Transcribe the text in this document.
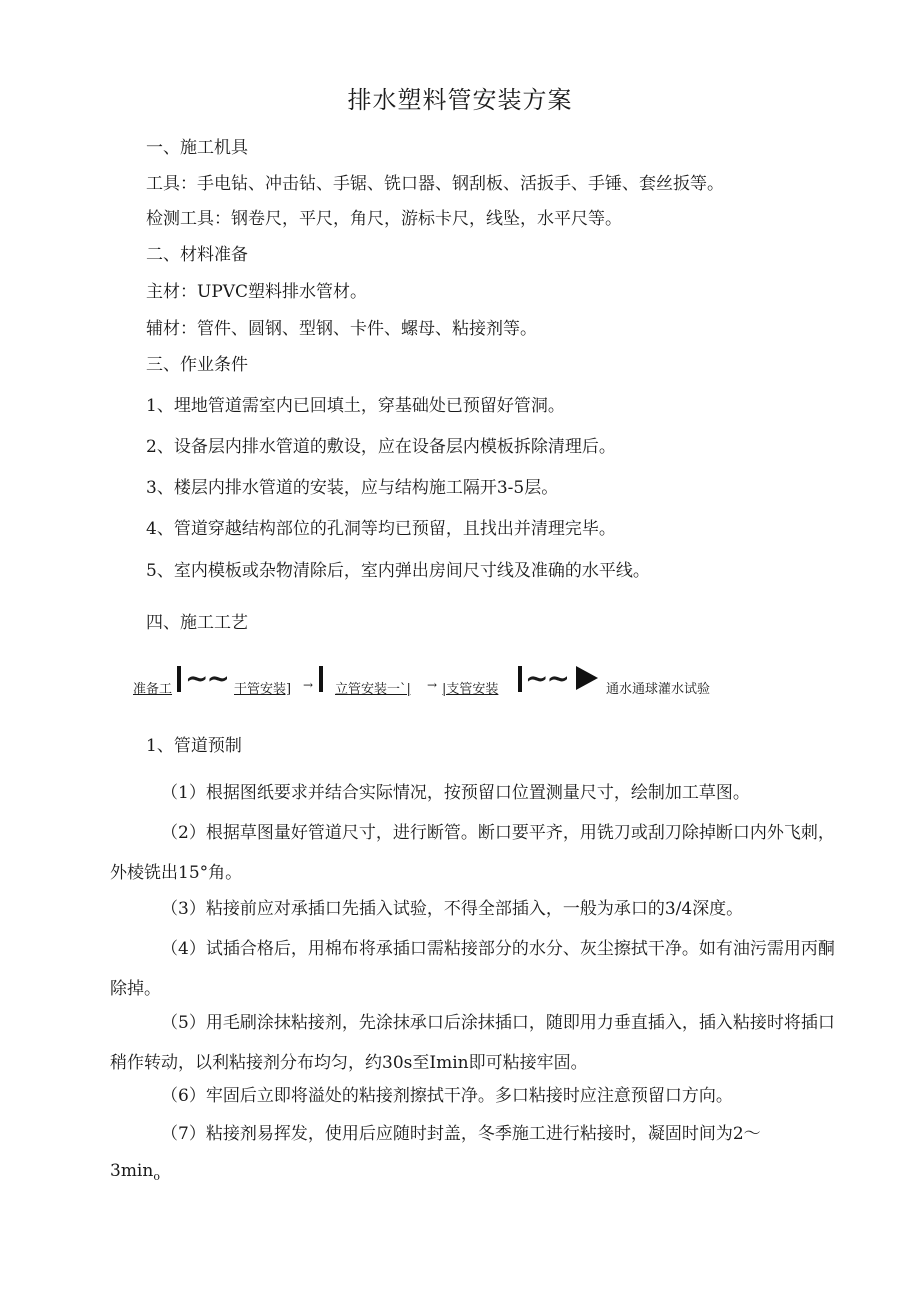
排水塑料管安装方案
一、施工机具
工具：手电钻、冲击钻、手锯、铣口器、钢刮板、活扳手、手锤、套丝扳等。
检测工具：钢卷尺，平尺，角尺，游标卡尺，线坠，水平尺等。
二、材料准备
主材：UPVC塑料排水管材。
辅材：管件、圆钢、型钢、卡件、螺母、粘接剂等。
三、作业条件
1、埋地管道需室内已回填土，穿基础处已预留好管洞。
2、设备层内排水管道的敷设，应在设备层内模板拆除清理后。
3、楼层内排水管道的安装，应与结构施工隔开3-5层。
4、管道穿越结构部位的孔洞等均已预留，且找出并清理完毕。
5、室内模板或杂物清除后，室内弹出房间尺寸线及准确的水平线。
四、施工工艺
准备工 ~~ 干管安装] → 立管安装一`| → |支管安装 ~~	通水通球灌水试验
1、管道预制
（1）根据图纸要求并结合实际情况，按预留口位置测量尺寸，绘制加工草图。
（2）根据草图量好管道尺寸，进行断管。断口要平齐，用铣刀或刮刀除掉断口内外飞刺，外棱铣出15°角。
（3）粘接前应对承插口先插入试验，不得全部插入，一般为承口的3/4深度。
（4）试插合格后，用棉布将承插口需粘接部分的水分、灰尘擦拭干净。如有油污需用丙酮除掉。
（5）用毛刷涂抹粘接剂，先涂抹承口后涂抹插口，随即用力垂直插入，插入粘接时将插口稍作转动，以利粘接剂分布均匀，约30s至Imin即可粘接牢固。
（6）牢固后立即将溢处的粘接剂擦拭干净。多口粘接时应注意预留口方向。
（7）粘接剂易挥发，使用后应随时封盖，冬季施工进行粘接时，凝固时间为2～
$3\min_o$
